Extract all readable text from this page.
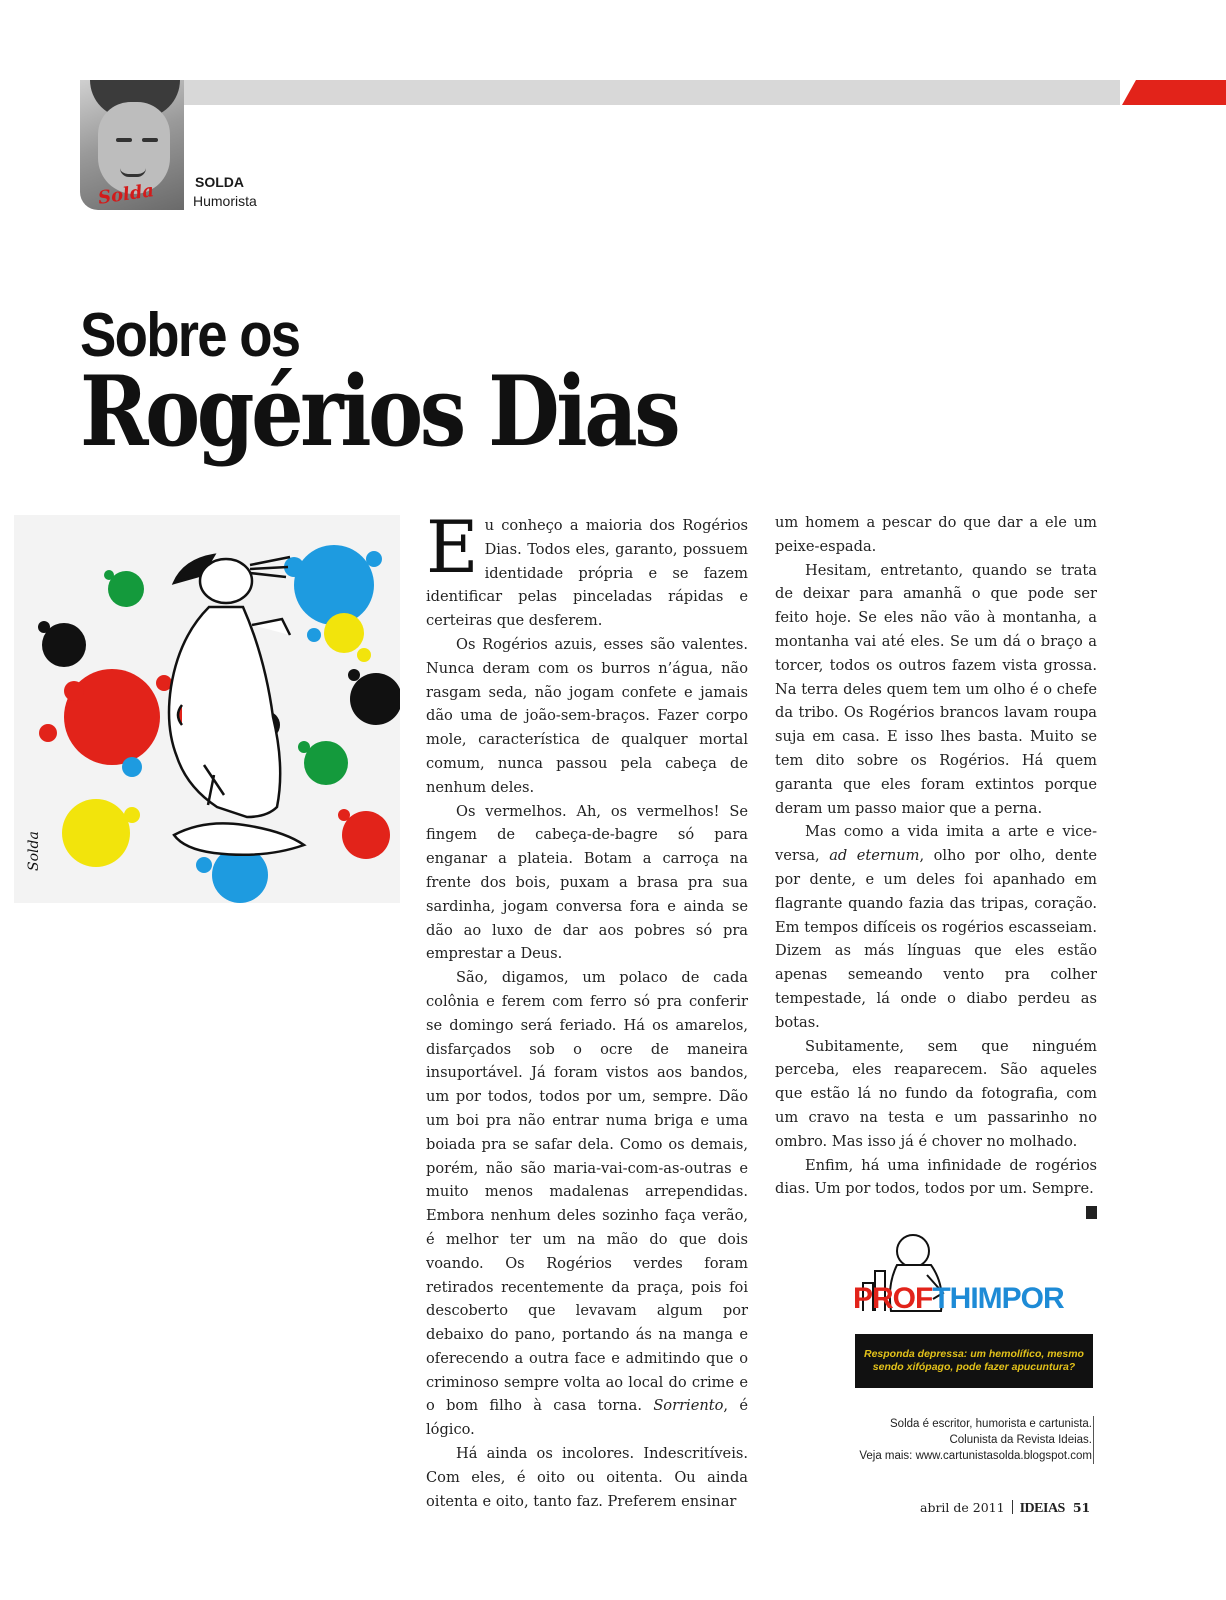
Solda	SOLDA
Humorista
Sobre os
Rogérios Dias
Solda

Eu conheço a maioria dos Rogérios Dias. Todos eles, garanto, possuem identidade própria e se fazem identificar pelas pinceladas rápidas e certeiras que desferem.

Os Rogérios azuis, esses são valentes. Nunca deram com os burros n’água, não rasgam seda, não jogam confete e jamais dão uma de joão-sem-braços. Fazer corpo mole, característica de qualquer mortal comum, nunca passou pela cabeça de nenhum deles.

Os vermelhos. Ah, os vermelhos! Se fingem de cabeça-de-bagre só para enganar a plateia. Botam a carroça na frente dos bois, puxam a brasa pra sua sardinha, jogam conversa fora e ainda se dão ao luxo de dar aos pobres só pra emprestar a Deus.

São, digamos, um polaco de cada colônia e ferem com ferro só pra conferir se domingo será feriado. Há os amarelos, disfarçados sob o ocre de maneira insuportável. Já foram vistos aos bandos, um por todos, todos por um, sempre. Dão um boi pra não entrar numa briga e uma boiada pra se safar dela. Como os demais, porém, não são maria-vai-com-as-outras e muito menos madalenas arrependidas. Embora nenhum deles sozinho faça verão, é melhor ter um na mão do que dois voando. Os Rogérios verdes foram retirados recentemente da praça, pois foi descoberto que levavam algum por debaixo do pano, portando ás na manga e oferecendo a outra face e admitindo que o criminoso sempre volta ao local do crime e o bom filho à casa torna. Sorriento, é lógico.

Há ainda os incolores. Indescritíveis. Com eles, é oito ou oitenta. Ou ainda oitenta e oito, tanto faz. Preferem ensinar

um homem a pescar do que dar a ele um peixe-espada.

Hesitam, entretanto, quando se trata de deixar para amanhã o que pode ser feito hoje. Se eles não vão à montanha, a montanha vai até eles. Se um dá o braço a torcer, todos os outros fazem vista grossa. Na terra deles quem tem um olho é o chefe da tribo. Os Rogérios brancos lavam roupa suja em casa. E isso lhes basta. Muito se tem dito sobre os Rogérios. Há quem garanta que eles foram extintos porque deram um passo maior que a perna.

Mas como a vida imita a arte e vice-versa, ad eternum, olho por olho, dente por dente, e um deles foi apanhado em flagrante quando fazia das tripas, coração. Em tempos difíceis os rogérios escasseiam. Dizem as más línguas que eles estão apenas semeando vento pra colher tempestade, lá onde o diabo perdeu as botas.

Subitamente, sem que ninguém perceba, eles reaparecem. São aqueles que estão lá no fundo da fotografia, com um cravo na testa e um passarinho no ombro. Mas isso já é chover no molhado.

Enfim, há uma infinidade de rogérios dias. Um por todos, todos por um. Sempre.
I

PROFTHIMPOR
Responda depressa: um hemolífico, mesmo sendo xifópago, pode fazer apucuntura?
Solda é escritor, humorista e cartunista.
Colunista da Revista Ideias.
Veja mais: www.cartunistasolda.blogspot.com
abril de 2011 IDEIAS 51
